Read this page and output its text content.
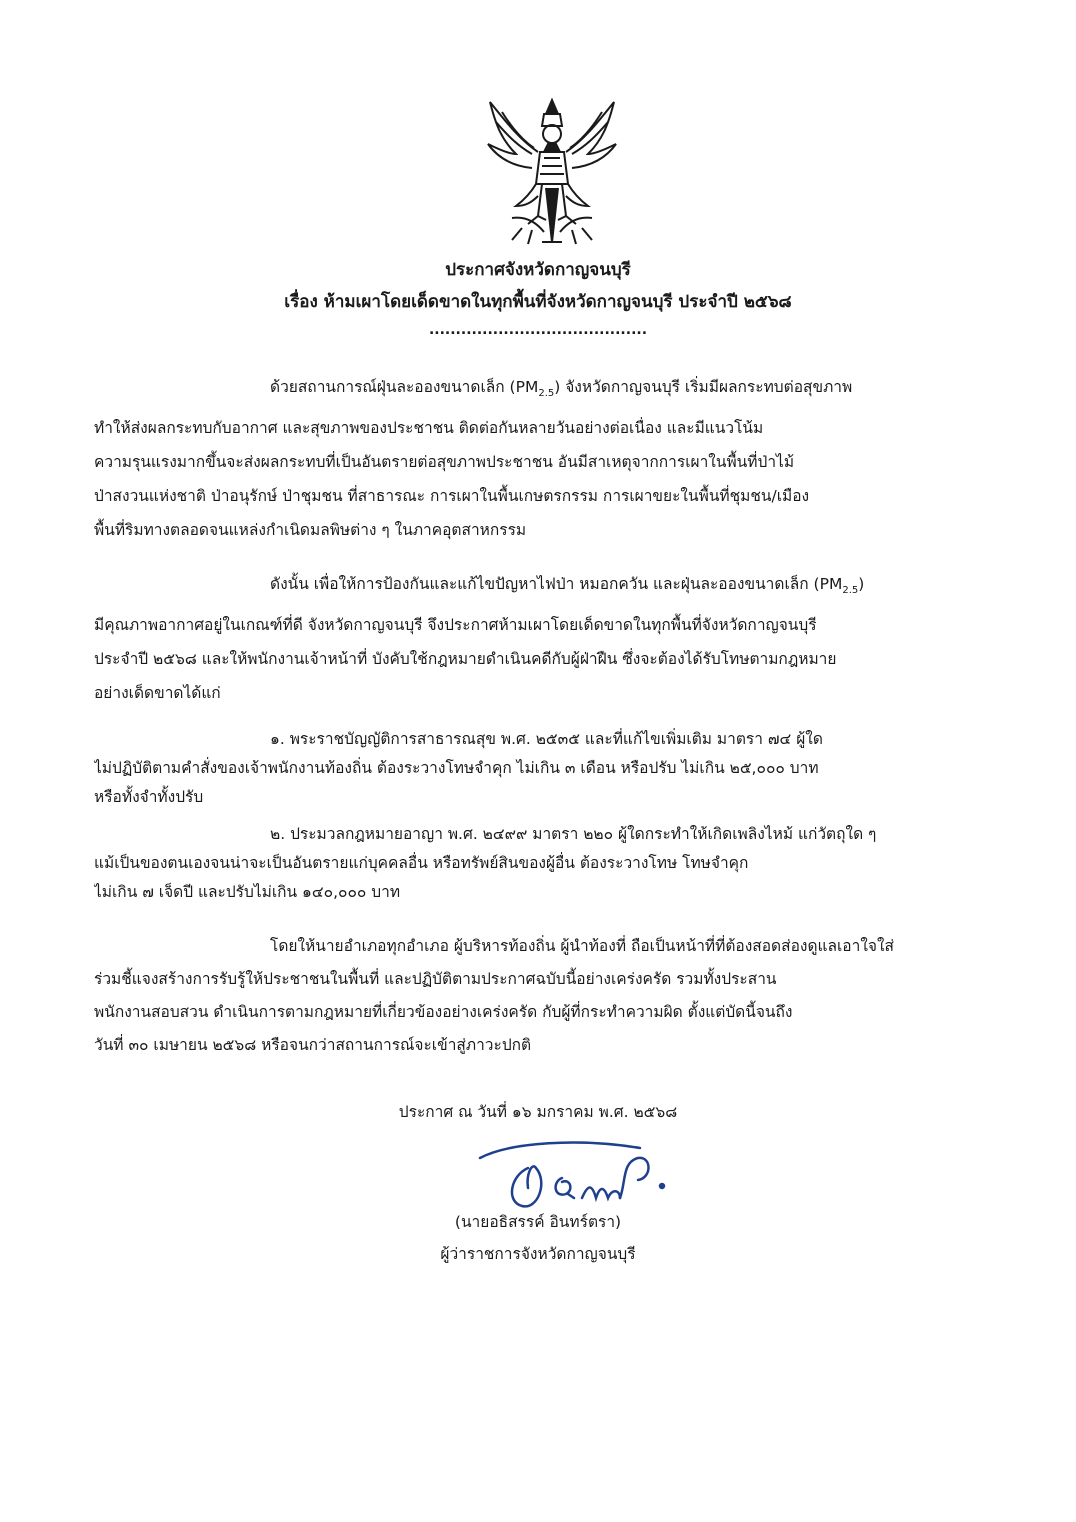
ประกาศจังหวัดกาญจนบุรี
เรื่อง ห้ามเผาโดยเด็ดขาดในทุกพื้นที่จังหวัดกาญจนบุรี ประจำปี ๒๕๖๘
.........................................
ด้วยสถานการณ์ฝุ่นละอองขนาดเล็ก $(PM_{2.5})$ จังหวัดกาญจนบุรี เริ่มมีผลกระทบต่อสุขภาพ
ทำให้ส่งผลกระทบกับอากาศ และสุขภาพของประชาชน ติดต่อกันหลายวันอย่างต่อเนื่อง และมีแนวโน้ม
ความรุนแรงมากขึ้นจะส่งผลกระทบที่เป็นอันตรายต่อสุขภาพประชาชน อันมีสาเหตุจากการเผาในพื้นที่ป่าไม้
ป่าสงวนแห่งชาติ ป่าอนุรักษ์ ป่าชุมชน ที่สาธารณะ การเผาในพื้นเกษตรกรรม การเผาขยะในพื้นที่ชุมชน/เมือง
พื้นที่ริมทางตลอดจนแหล่งกำเนิดมลพิษต่าง ๆ ในภาคอุตสาหกรรม
ดังนั้น เพื่อให้การป้องกันและแก้ไขปัญหาไฟป่า หมอกควัน และฝุ่นละอองขนาดเล็ก $(PM_{2.5})$
มีคุณภาพอากาศอยู่ในเกณฑ์ที่ดี จังหวัดกาญจนบุรี จึงประกาศห้ามเผาโดยเด็ดขาดในทุกพื้นที่จังหวัดกาญจนบุรี
ประจำปี ๒๕๖๘ และให้พนักงานเจ้าหน้าที่ บังคับใช้กฎหมายดำเนินคดีกับผู้ฝ่าฝืน ซึ่งจะต้องได้รับโทษตามกฎหมาย
อย่างเด็ดขาดได้แก่
๑. พระราชบัญญัติการสาธารณสุข พ.ศ. ๒๕๓๕ และที่แก้ไขเพิ่มเติม มาตรา ๗๔ ผู้ใด
ไม่ปฏิบัติตามคำสั่งของเจ้าพนักงานท้องถิ่น ต้องระวางโทษจำคุก ไม่เกิน ๓ เดือน หรือปรับ ไม่เกิน ๒๕,๐๐๐ บาท
หรือทั้งจำทั้งปรับ
๒. ประมวลกฎหมายอาญา พ.ศ. ๒๔๙๙ มาตรา ๒๒๐ ผู้ใดกระทำให้เกิดเพลิงไหม้ แก่วัตถุใด ๆ
แม้เป็นของตนเองจนน่าจะเป็นอันตรายแก่บุคคลอื่น หรือทรัพย์สินของผู้อื่น ต้องระวางโทษ โทษจำคุก
ไม่เกิน ๗ เจ็ดปี และปรับไม่เกิน ๑๔๐,๐๐๐ บาท
โดยให้นายอำเภอทุกอำเภอ ผู้บริหารท้องถิ่น ผู้นำท้องที่ ถือเป็นหน้าที่ที่ต้องสอดส่องดูแลเอาใจใส่
ร่วมชี้แจงสร้างการรับรู้ให้ประชาชนในพื้นที่ และปฏิบัติตามประกาศฉบับนี้อย่างเคร่งครัด รวมทั้งประสาน
พนักงานสอบสวน ดำเนินการตามกฎหมายที่เกี่ยวข้องอย่างเคร่งครัด กับผู้ที่กระทำความผิด ตั้งแต่บัดนี้จนถึง
วันที่ ๓๐ เมษายน ๒๕๖๘ หรือจนกว่าสถานการณ์จะเข้าสู่ภาวะปกติ
ประกาศ ณ วันที่ ๑๖ มกราคม พ.ศ. ๒๕๖๘
(นายอธิสรรค์ อินทร์ตรา)
ผู้ว่าราชการจังหวัดกาญจนบุรี
